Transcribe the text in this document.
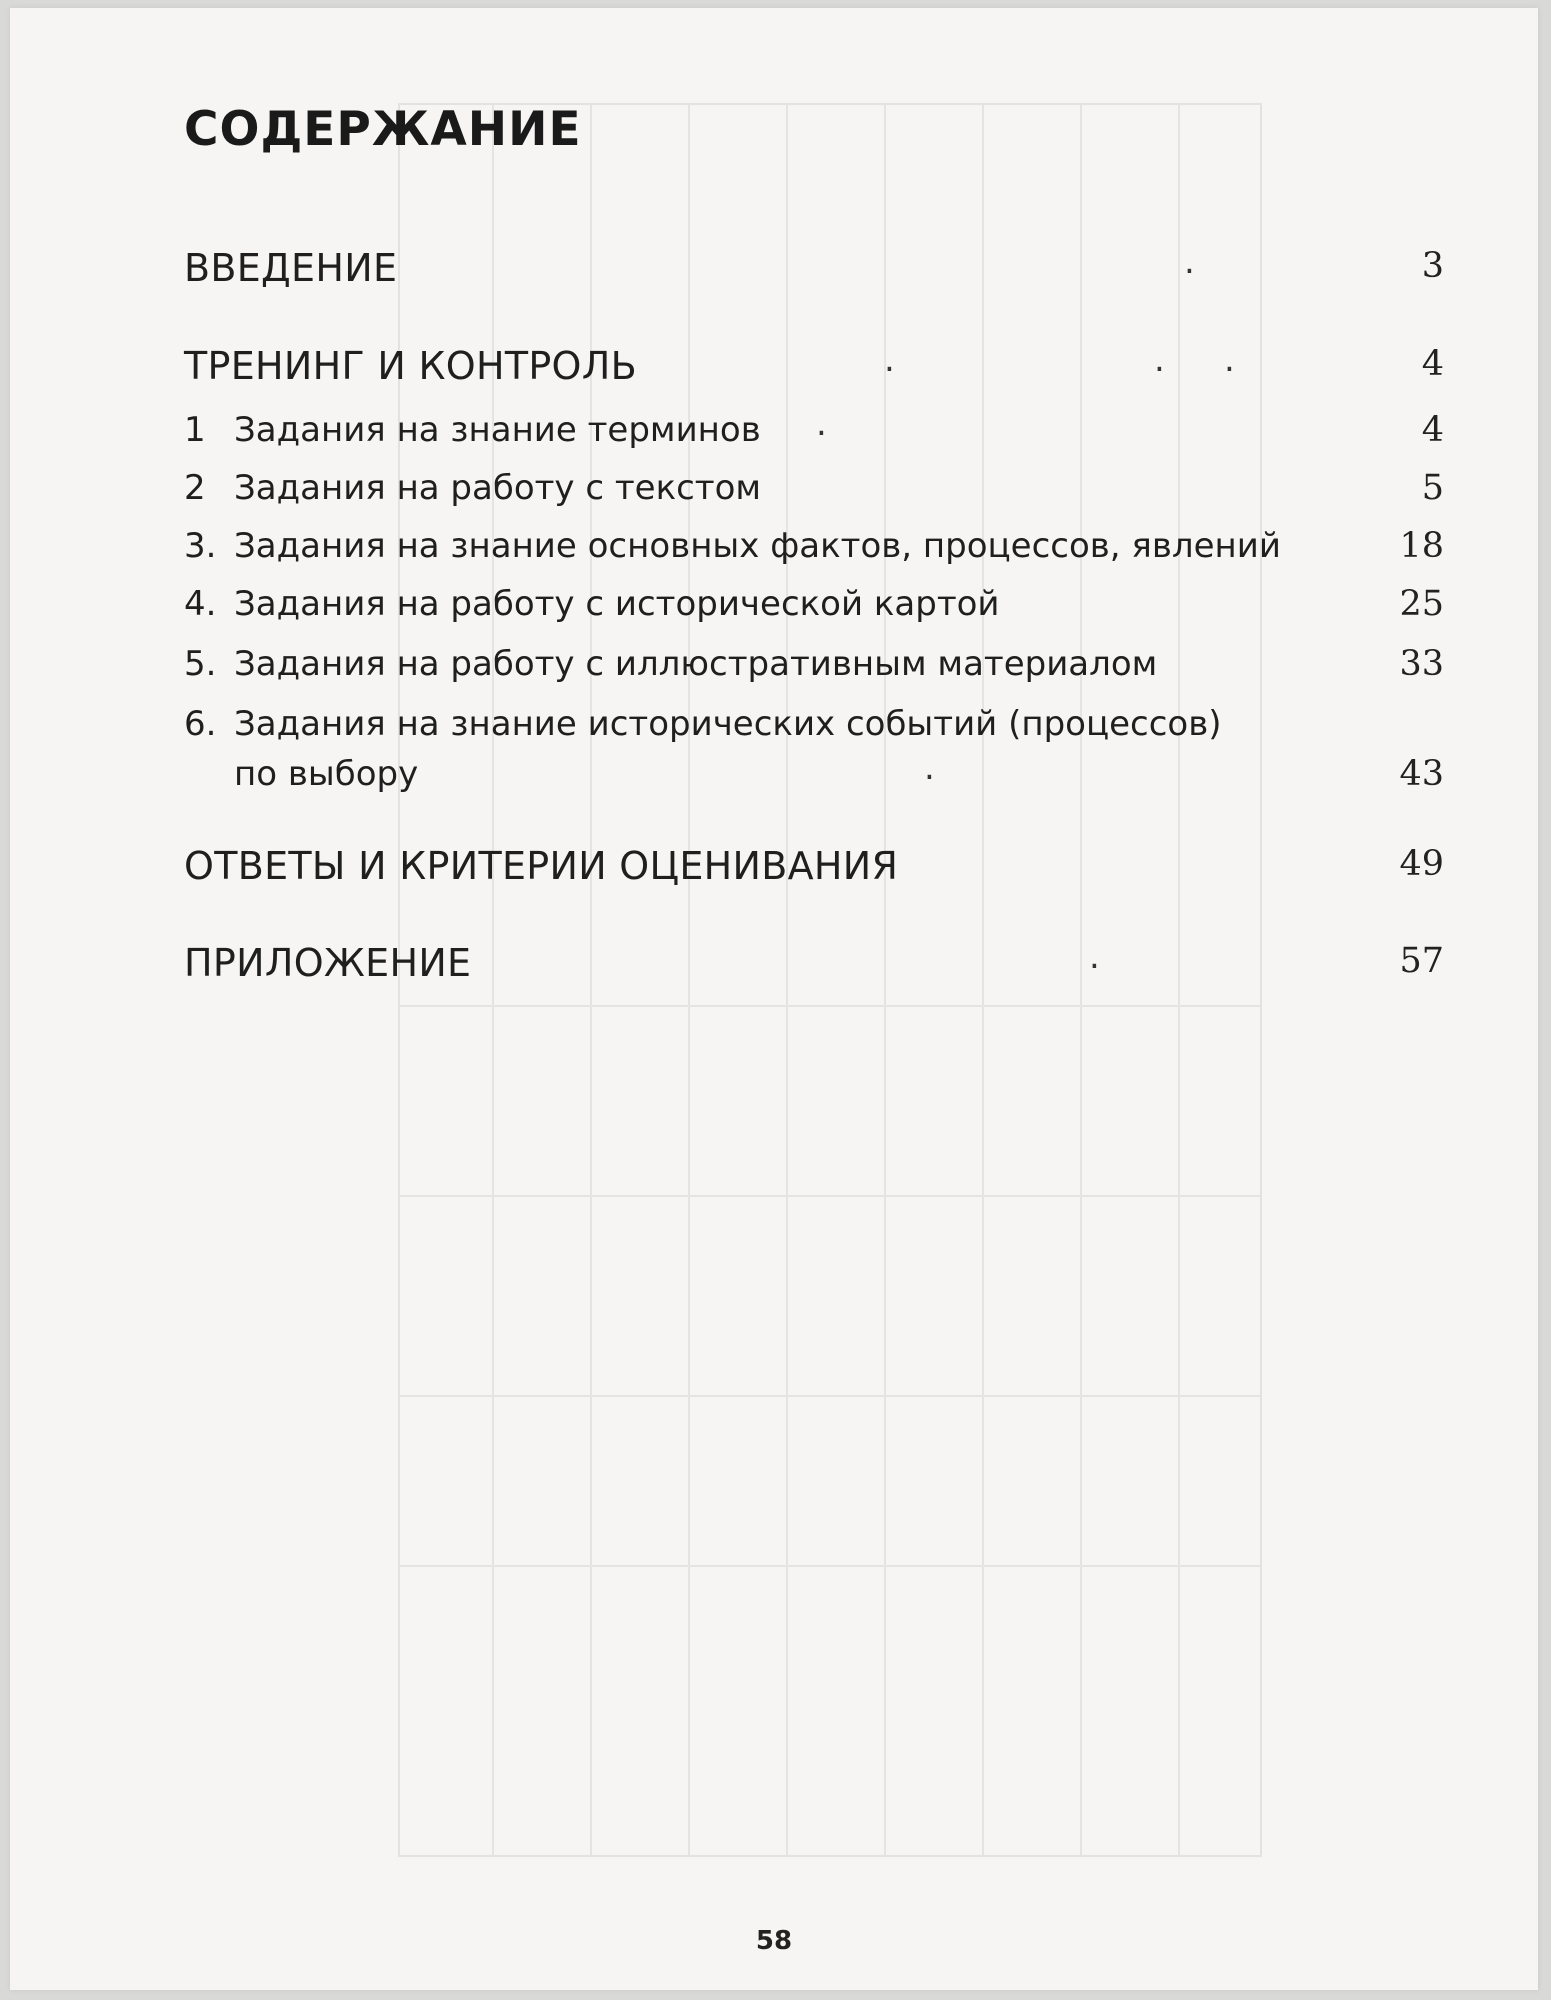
СОДЕРЖАНИЕ
ВВЕДЕНИЕ	.	3
ТРЕНИНГ И КОНТРОЛЬ	.	. .	4
1 Задания на знание терминов .	4
2 Задания на работу с текстом	5
3. Задания на знание основных фактов, процессов, явлений	18
4. Задания на работу с исторической картой	25
5. Задания на работу с иллюстративным материалом	33
6. Задания на знание исторических событий (процессов)
по выбору	.	43
ОТВЕТЫ И КРИТЕРИИ ОЦЕНИВАНИЯ	49
ПРИЛОЖЕНИЕ	.	57
58
